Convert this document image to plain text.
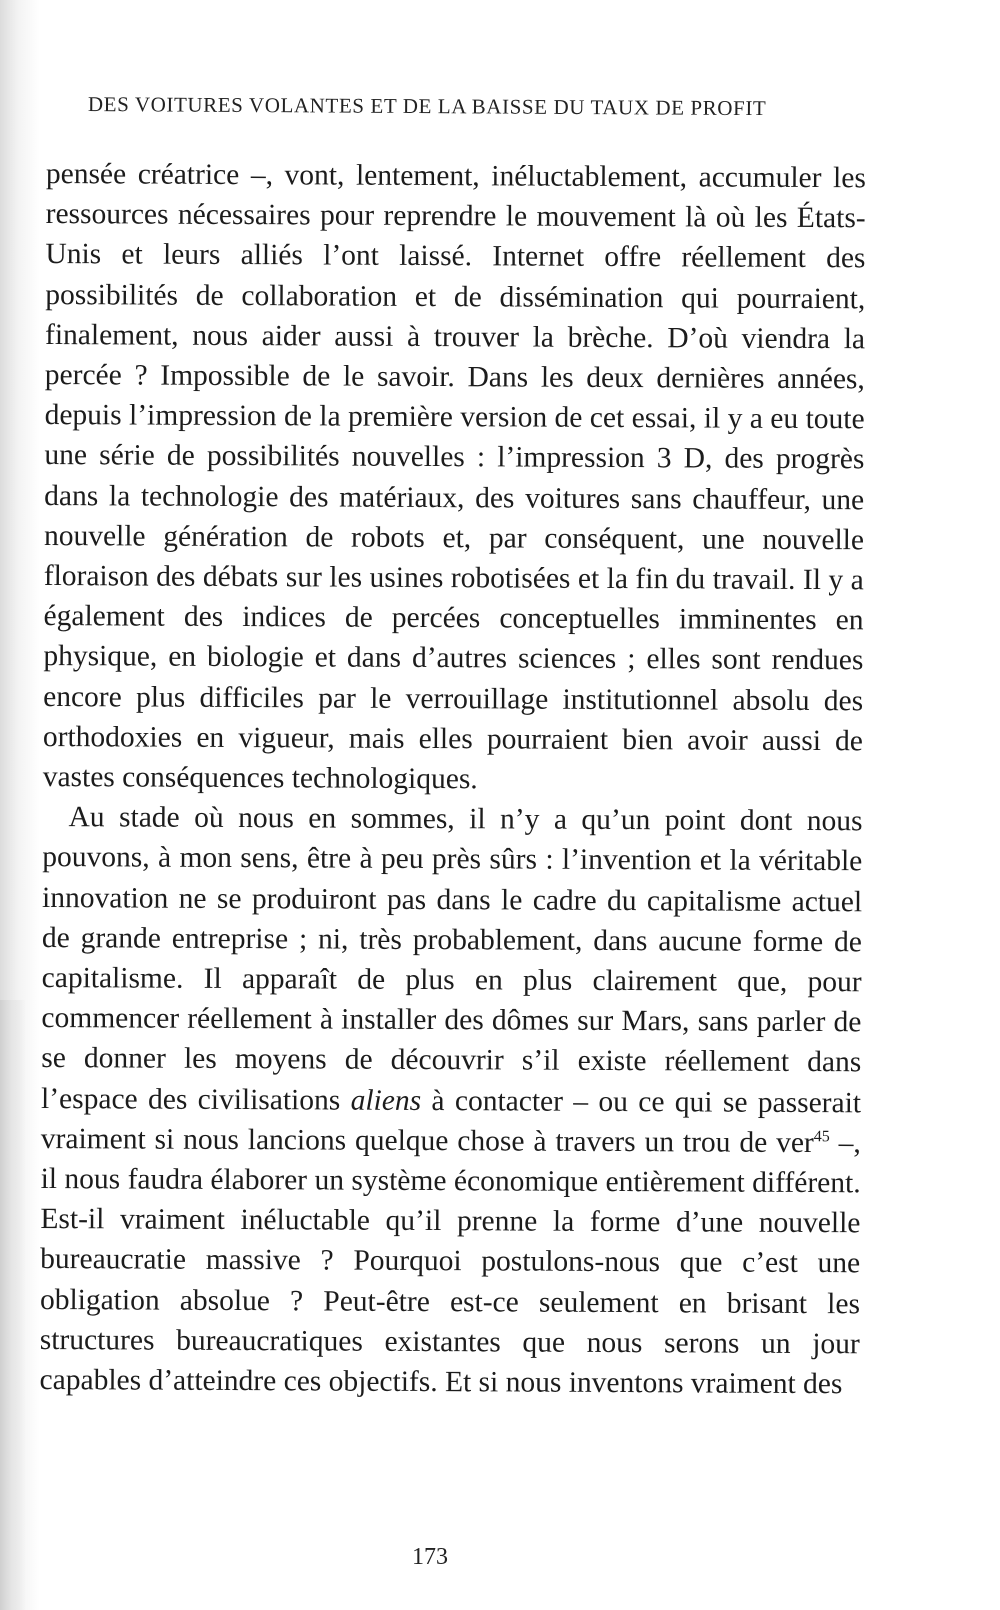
DES VOITURES VOLANTES ET DE LA BAISSE DU TAUX DE PROFIT

pensée créatrice –, vont, lentement, inéluctablement, accumuler les ressources nécessaires pour reprendre le mouvement là où les États-Unis et leurs alliés l’ont laissé. Internet offre réellement des possibilités de collaboration et de dissémination qui pourraient, finalement, nous aider aussi à trouver la brèche. D’où viendra la percée ? Impossible de le savoir. Dans les deux dernières années, depuis l’impression de la première version de cet essai, il y a eu toute une série de possibilités nouvelles : l’impression 3 D, des progrès dans la technologie des matériaux, des voitures sans chauffeur, une nouvelle génération de robots et, par conséquent, une nouvelle floraison des débats sur les usines robotisées et la fin du travail. Il y a également des indices de percées conceptuelles imminentes en physique, en biologie et dans d’autres sciences ; elles sont rendues encore plus difficiles par le verrouillage institutionnel absolu des orthodoxies en vigueur, mais elles pourraient bien avoir aussi de vastes conséquences technologiques.

Au stade où nous en sommes, il n’y a qu’un point dont nous pouvons, à mon sens, être à peu près sûrs : l’invention et la véritable innovation ne se produiront pas dans le cadre du capitalisme actuel de grande entreprise ; ni, très probablement, dans aucune forme de capitalisme. Il apparaît de plus en plus clairement que, pour commencer réellement à installer des dômes sur Mars, sans parler de se donner les moyens de découvrir s’il existe réellement dans l’espace des civilisations aliens à contacter – ou ce qui se passerait vraiment si nous lancions quelque chose à travers un trou de ver$^{45}$ –, il nous faudra élaborer un système économique entièrement différent. Est-il vraiment inéluctable qu’il prenne la forme d’une nouvelle bureaucratie massive ? Pourquoi postulons-nous que c’est une obligation absolue ? Peut-être est-ce seulement en brisant les structures bureaucratiques existantes que nous serons un jour capables d’atteindre ces objectifs. Et si nous inventons vraiment des

173
